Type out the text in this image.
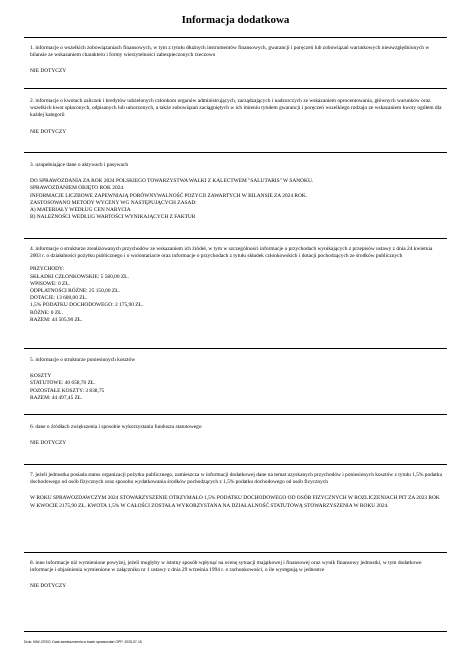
Informacja dodatkowa

1. informacje o wszelkich zobowiązaniach finansowych, w tym z tytułu dłużnych instrumentów finansowych, gwarancji i poręczeń lub zobowiązań warunkowych nieuwzględnionych w bilansie ze wskazaniem charakteru i formy wierzytelności zabezpieczonych rzeczowo

NIE DOTYCZY

2. informacje o kwotach zaliczek i kredytów udzielonych członkom organów administrujących, zarządzających i nadzorczych ze wskazaniem oprocentowania, głównych warunków oraz wszelkich kwot spłaconych, odpisanych lub umorzonych, a także zobowiązań zaciągniętych w ich imieniu tytułem gwarancji i poręczeń wszelkiego rodzaju ze wskazaniem kwoty ogółem dla każdej kategorii

NIE DOTYCZY

3. uzupełniające dane o aktywach i pasywach

DO SPRAWOZDANIA ZA ROK 2024 POLSKIEGO TOWARZYSTWA WALKI Z KALECTWEM "SALUTARIS" W SANOKU.
SPRAWOZDANIEM OBJĘTO ROK 2024.
INFORMACJE LICZBOWE ZAPEWNIAJĄ PORÓWNYWALNOŚĆ POZYCJI ZAWARTYCH W BILANSIE ZA 2024 ROK.
ZASTOSOWANO METODY WYCENY WG NASTĘPUJĄCYCH ZASAD:
A) MATERIAŁY WEDŁUG CEN NABYCIA
B) NALEŻNOŚCI WEDŁUG WARTOŚCI WYNIKAJĄCYCH Z FAKTUR

4. informacje o strukturze zrealizowanych przychodów ze wskazaniem ich źródeł, w tym w szczególności informacje o przychodach wynikających z przepisów ustawy z dnia 24 kwietnia 2003 r. o działalności pożytku publicznego i o wolontariacie oraz informacje o przychodach z tytułu składek członkowskich i dotacji pochodzących ze środków publicznych

PRZYCHODY:
SKŁADKI CZŁONKOWSKIE: 5 580,00 ZŁ.
WPISOWE: 0 ZŁ.
ODPŁATNOŚCI RÓŻNE: 25 150,00 ZŁ.
DOTACJE: 13 600,00 ZŁ.
1,5% PODATKU DOCHODOWEGO: 2 175,90 ZŁ.
RÓŻNE: 0 ZŁ.
RAZEM: 44 505,90 ZŁ.

5. informacje o strukturze poniesionych kosztów

KOSZTY
STATUTOWE: 40 658,70 ZŁ.
POZOSTAŁE KOSZTY: 3 838,75
RAZEM: 44 497,45 ZŁ.

6. dane o źródłach zwiększenia i sposobie wykorzystania funduszu statutowego

NIE DOTYCZY

7. jeżeli jednostka posiada status organizacji pożytku publicznego, zamieszcza w informacji dodatkowej dane na temat uzyskanych przychodów i poniesionych kosztów z tytułu 1,5% podatku dochodowego od osób fizycznych oraz sposobu wydatkowania środków pochodzących z 1,5% podatku dochodowego od osób fizycznych

W ROKU SPRAWOZDAWCZYM 2024 STOWARZYSZENIE OTRZYMAŁO 1,5% PODATKU DOCHODOWEGO OD OSÓB FIZYCZNYCH W ROZLICZENIACH PIT ZA 2023 ROK W KWOCIE 2175,90 ZŁ. KWOTA 1,5% W CAŁOŚCI ZOSTAŁA WYKORZYSTANA NA DZIAŁALNOŚĆ STATUTOWĄ STOWARZYSZENIA W ROKU 2024.

8. inne informacje niż wymienione powyżej, jeżeli mogłyby w istotny sposób wpłynąć na ocenę sytuacji majątkowej i finansowej oraz wynik finansowy jednostki, w tym dodatkowe informacje i objaśnienia wymienione w załączniku nr 1 ustawy z dnia 29 września 1994 r. o rachunkowości, o ile występują w jednostce

NIE DOTYCZY

Druk: NIW-CRSO, Data zamieszczenia w bazie sprawozdań OPP: 2025-07-15
